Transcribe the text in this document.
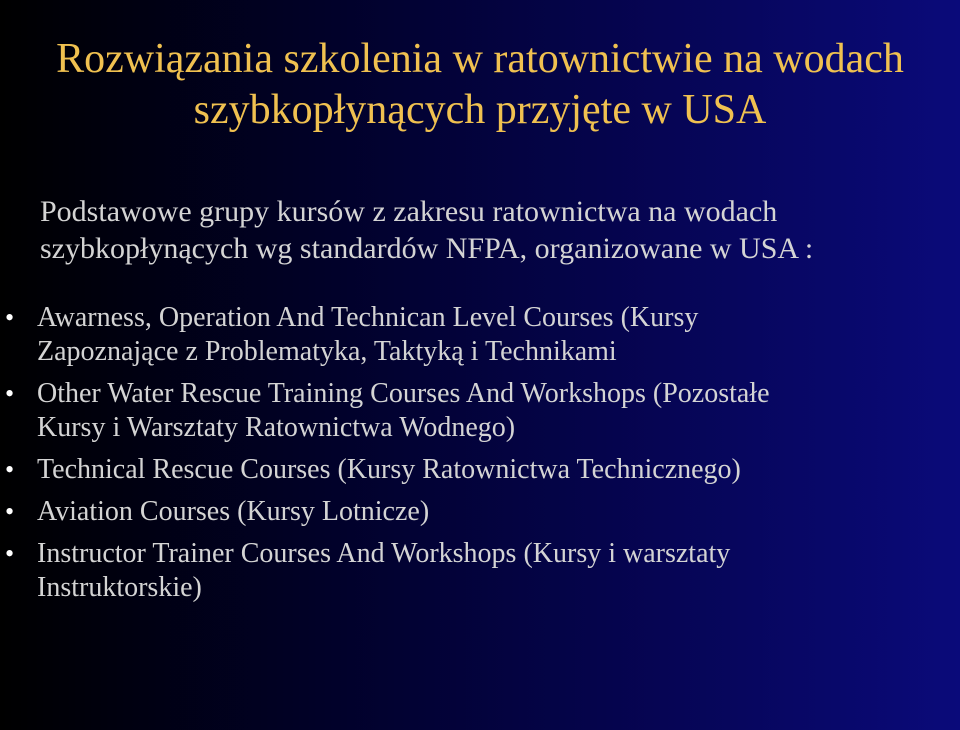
Rozwiązania szkolenia w ratownictwie na wodach
szybkopłynących przyjęte w USA

Podstawowe grupy kursów z zakresu ratownictwa na wodach
szybkopłynących wg standardów NFPA, organizowane w USA :

• Awarness, Operation And Technican Level Courses (Kursy
Zapoznające z Problematyka, Taktyką i Technikami
• Other Water Rescue Training Courses And Workshops (Pozostałe
Kursy i Warsztaty Ratownictwa Wodnego)
• Technical Rescue Courses (Kursy Ratownictwa Technicznego)
• Aviation Courses (Kursy Lotnicze)
• Instructor Trainer Courses And Workshops (Kursy i warsztaty
Instruktorskie)
